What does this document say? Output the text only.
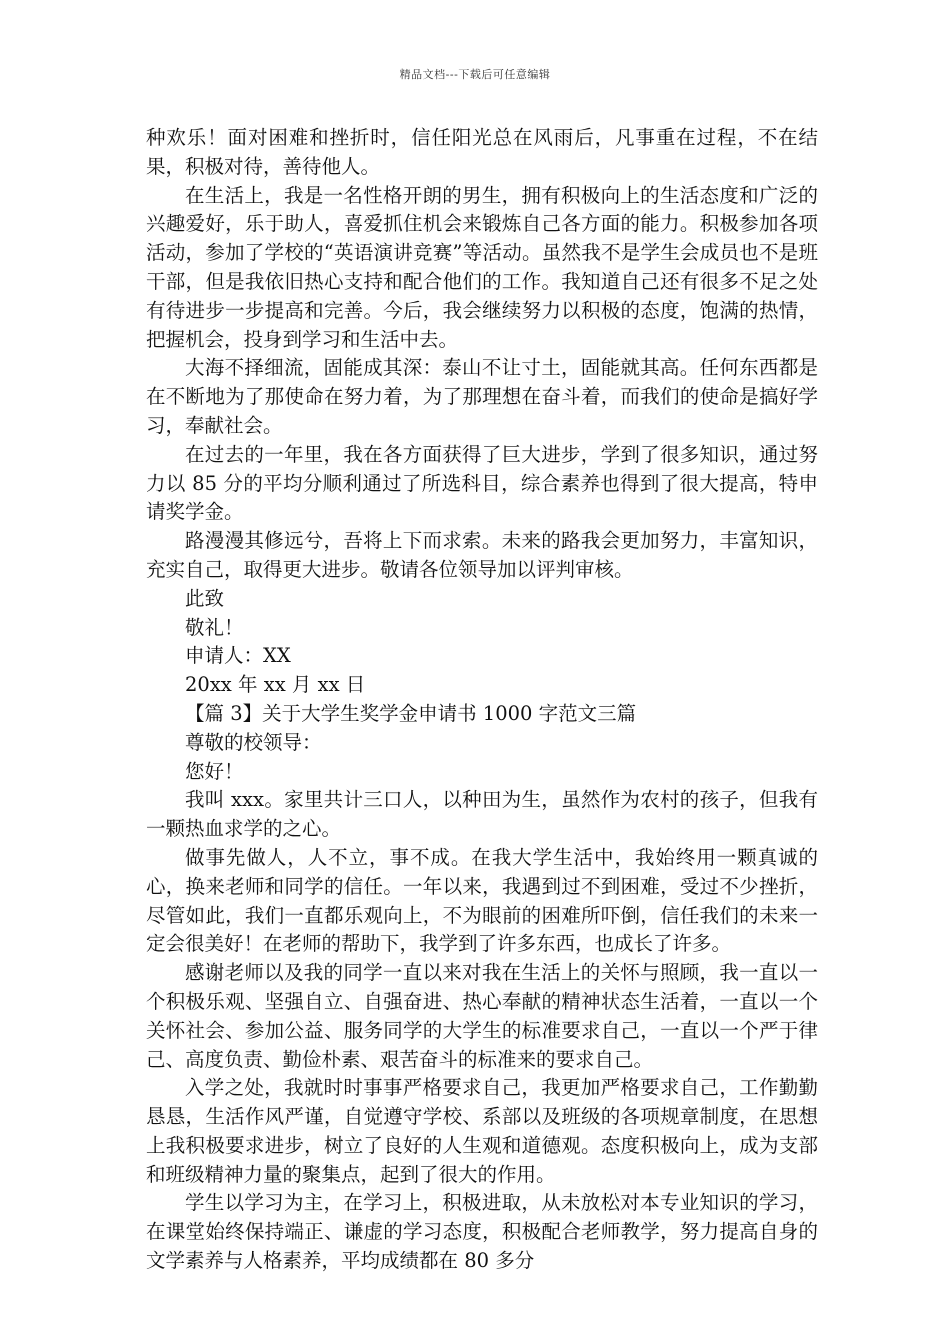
精品文档---下载后可任意编辑

种欢乐！面对困难和挫折时，信任阳光总在风雨后，凡事重在过程，不在结果，积极对待，善待他人。

在生活上，我是一名性格开朗的男生，拥有积极向上的生活态度和广泛的兴趣爱好，乐于助人，喜爱抓住机会来锻炼自己各方面的能力。积极参加各项活动，参加了学校的“英语演讲竞赛”等活动。虽然我不是学生会成员也不是班干部，但是我依旧热心支持和配合他们的工作。我知道自己还有很多不足之处有待进步一步提高和完善。今后，我会继续努力以积极的态度，饱满的热情，把握机会，投身到学习和生活中去。

大海不择细流，固能成其深：泰山不让寸土，固能就其高。任何东西都是在不断地为了那使命在努力着，为了那理想在奋斗着，而我们的使命是搞好学习，奉献社会。

在过去的一年里，我在各方面获得了巨大进步，学到了很多知识，通过努力以 85 分的平均分顺利通过了所选科目，综合素养也得到了很大提高，特申请奖学金。

路漫漫其修远兮，吾将上下而求索。未来的路我会更加努力，丰富知识，充实自己，取得更大进步。敬请各位领导加以评判审核。

此致

敬礼！

申请人：XX

20xx 年 xx 月 xx 日

【篇 3】关于大学生奖学金申请书 1000 字范文三篇

尊敬的校领导：

您好！

我叫 xxx。家里共计三口人，以种田为生，虽然作为农村的孩子，但我有一颗热血求学的之心。

做事先做人，人不立，事不成。在我大学生活中，我始终用一颗真诚的心，换来老师和同学的信任。一年以来，我遇到过不到困难，受过不少挫折，尽管如此，我们一直都乐观向上，不为眼前的困难所吓倒，信任我们的未来一定会很美好！在老师的帮助下，我学到了许多东西，也成长了许多。

感谢老师以及我的同学一直以来对我在生活上的关怀与照顾，我一直以一个积极乐观、坚强自立、自强奋进、热心奉献的精神状态生活着，一直以一个关怀社会、参加公益、服务同学的大学生的标准要求自己，一直以一个严于律己、高度负责、勤俭朴素、艰苦奋斗的标准来的要求自己。

入学之处，我就时时事事严格要求自己，我更加严格要求自己，工作勤勤恳恳，生活作风严谨，自觉遵守学校、系部以及班级的各项规章制度，在思想上我积极要求进步，树立了良好的人生观和道德观。态度积极向上，成为支部和班级精神力量的聚集点，起到了很大的作用。

学生以学习为主，在学习上，积极进取，从未放松对本专业知识的学习，在课堂始终保持端正、谦虚的学习态度，积极配合老师教学，努力提高自身的文学素养与人格素养，平均成绩都在 80 多分
